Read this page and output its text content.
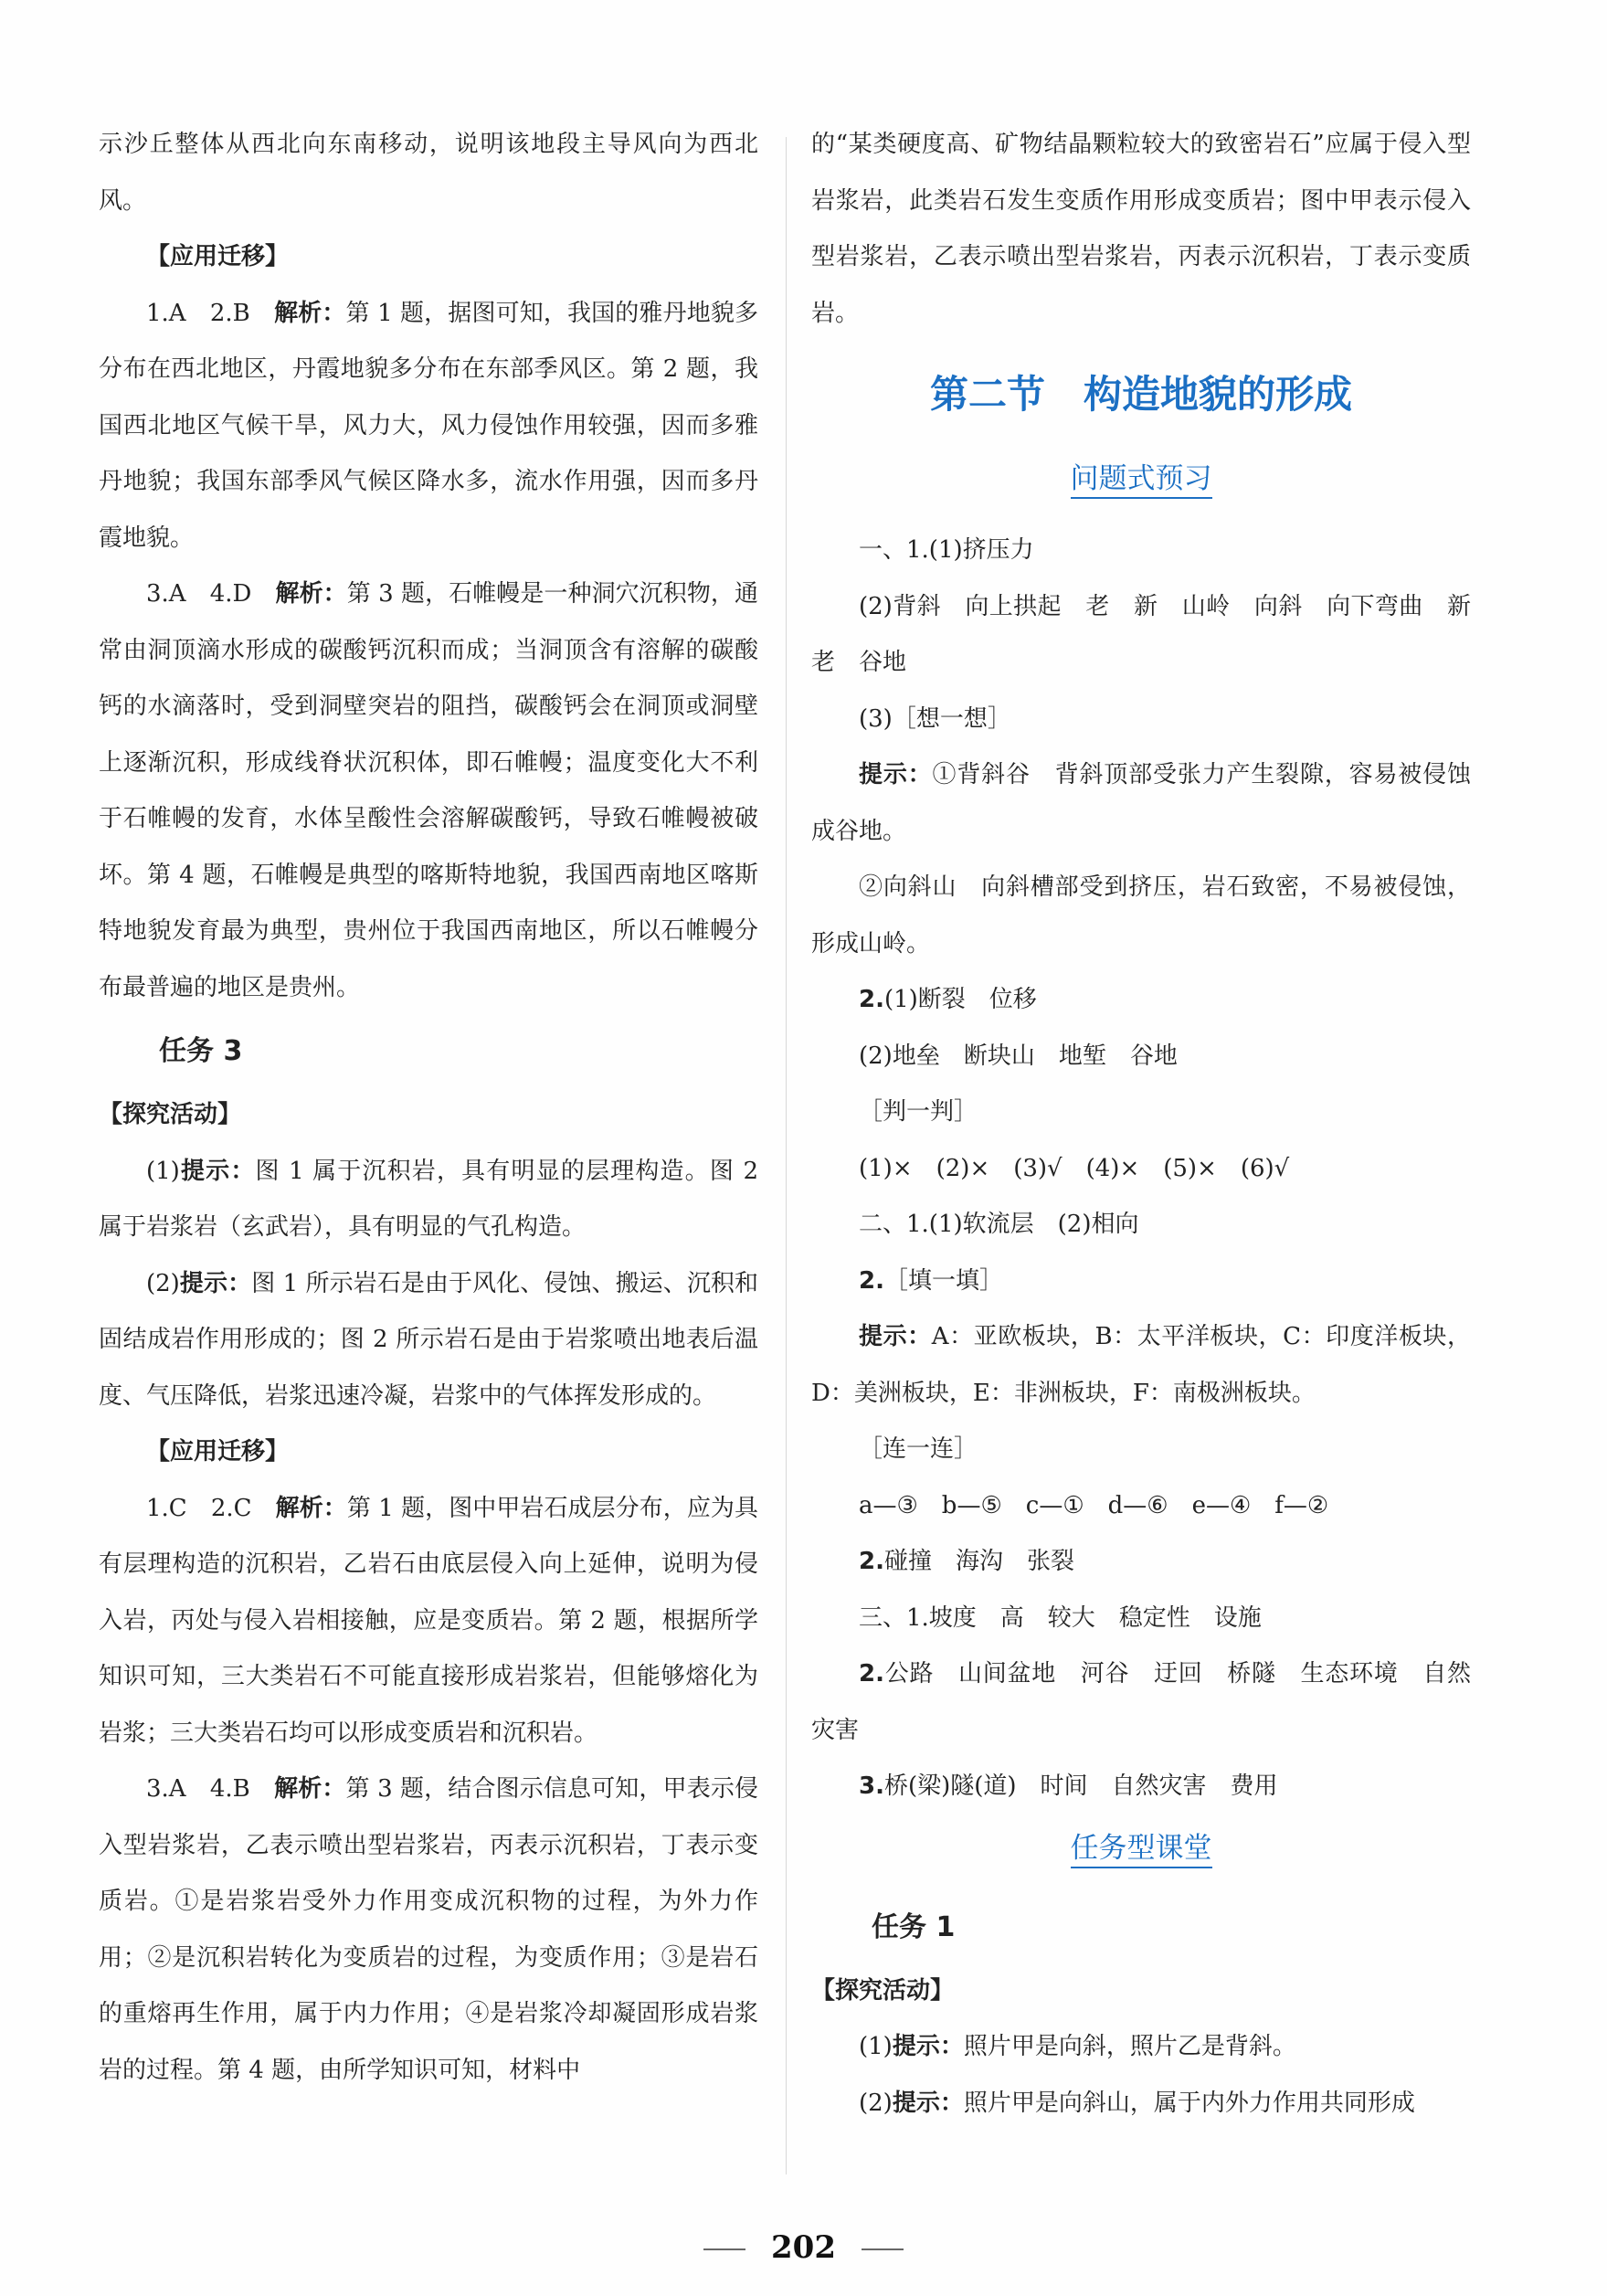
示沙丘整体从西北向东南移动，说明该地段主导风向为西北风。

【应用迁移】

1.A　2.B　解析：第 1 题，据图可知，我国的雅丹地貌多分布在西北地区，丹霞地貌多分布在东部季风区。第 2 题，我国西北地区气候干旱，风力大，风力侵蚀作用较强，因而多雅丹地貌；我国东部季风气候区降水多，流水作用强，因而多丹霞地貌。

3.A　4.D　解析：第 3 题，石帷幔是一种洞穴沉积物，通常由洞顶滴水形成的碳酸钙沉积而成；当洞顶含有溶解的碳酸钙的水滴落时，受到洞壁突岩的阻挡，碳酸钙会在洞顶或洞壁上逐渐沉积，形成线脊状沉积体，即石帷幔；温度变化大不利于石帷幔的发育，水体呈酸性会溶解碳酸钙，导致石帷幔被破坏。第 4 题，石帷幔是典型的喀斯特地貌，我国西南地区喀斯特地貌发育最为典型，贵州位于我国西南地区，所以石帷幔分布最普遍的地区是贵州。

任务 3

【探究活动】

(1)提示：图 1 属于沉积岩，具有明显的层理构造。图 2 属于岩浆岩（玄武岩），具有明显的气孔构造。

(2)提示：图 1 所示岩石是由于风化、侵蚀、搬运、沉积和固结成岩作用形成的；图 2 所示岩石是由于岩浆喷出地表后温度、气压降低，岩浆迅速冷凝，岩浆中的气体挥发形成的。

【应用迁移】

1.C　2.C　解析：第 1 题，图中甲岩石成层分布，应为具有层理构造的沉积岩，乙岩石由底层侵入向上延伸，说明为侵入岩，丙处与侵入岩相接触，应是变质岩。第 2 题，根据所学知识可知，三大类岩石不可能直接形成岩浆岩，但能够熔化为岩浆；三大类岩石均可以形成变质岩和沉积岩。

3.A　4.B　解析：第 3 题，结合图示信息可知，甲表示侵入型岩浆岩，乙表示喷出型岩浆岩，丙表示沉积岩，丁表示变质岩。①是岩浆岩受外力作用变成沉积物的过程，为外力作用；②是沉积岩转化为变质岩的过程，为变质作用；③是岩石的重熔再生作用，属于内力作用；④是岩浆冷却凝固形成岩浆岩的过程。第 4 题，由所学知识可知，材料中

的“某类硬度高、矿物结晶颗粒较大的致密岩石”应属于侵入型岩浆岩，此类岩石发生变质作用形成变质岩；图中甲表示侵入型岩浆岩，乙表示喷出型岩浆岩，丙表示沉积岩，丁表示变质岩。

第二节　构造地貌的形成

问题式预习

一、1.(1)挤压力

(2)背斜　向上拱起　老　新　山岭　向斜　向下弯曲　新　老　谷地

(3)［想一想］

提示：①背斜谷　背斜顶部受张力产生裂隙，容易被侵蚀成谷地。

②向斜山　向斜槽部受到挤压，岩石致密，不易被侵蚀，形成山岭。

2.(1)断裂　位移

(2)地垒　断块山　地堑　谷地

［判一判］

(1)×　(2)×　(3)√　(4)×　(5)×　(6)√

二、1.(1)软流层　(2)相向

2.［填一填］

提示：A：亚欧板块，B：太平洋板块，C：印度洋板块，D：美洲板块，E：非洲板块，F：南极洲板块。

［连一连］

a—③　b—⑤　c—①　d—⑥　e—④　f—②

2.碰撞　海沟　张裂

三、1.坡度　高　较大　稳定性　设施

2.公路　山间盆地　河谷　迂回　桥隧　生态环境　自然灾害

3.桥(梁)隧(道)　时间　自然灾害　费用

任务型课堂

任务 1

【探究活动】

(1)提示：照片甲是向斜，照片乙是背斜。

(2)提示：照片甲是向斜山，属于内外力作用共同形成

202
